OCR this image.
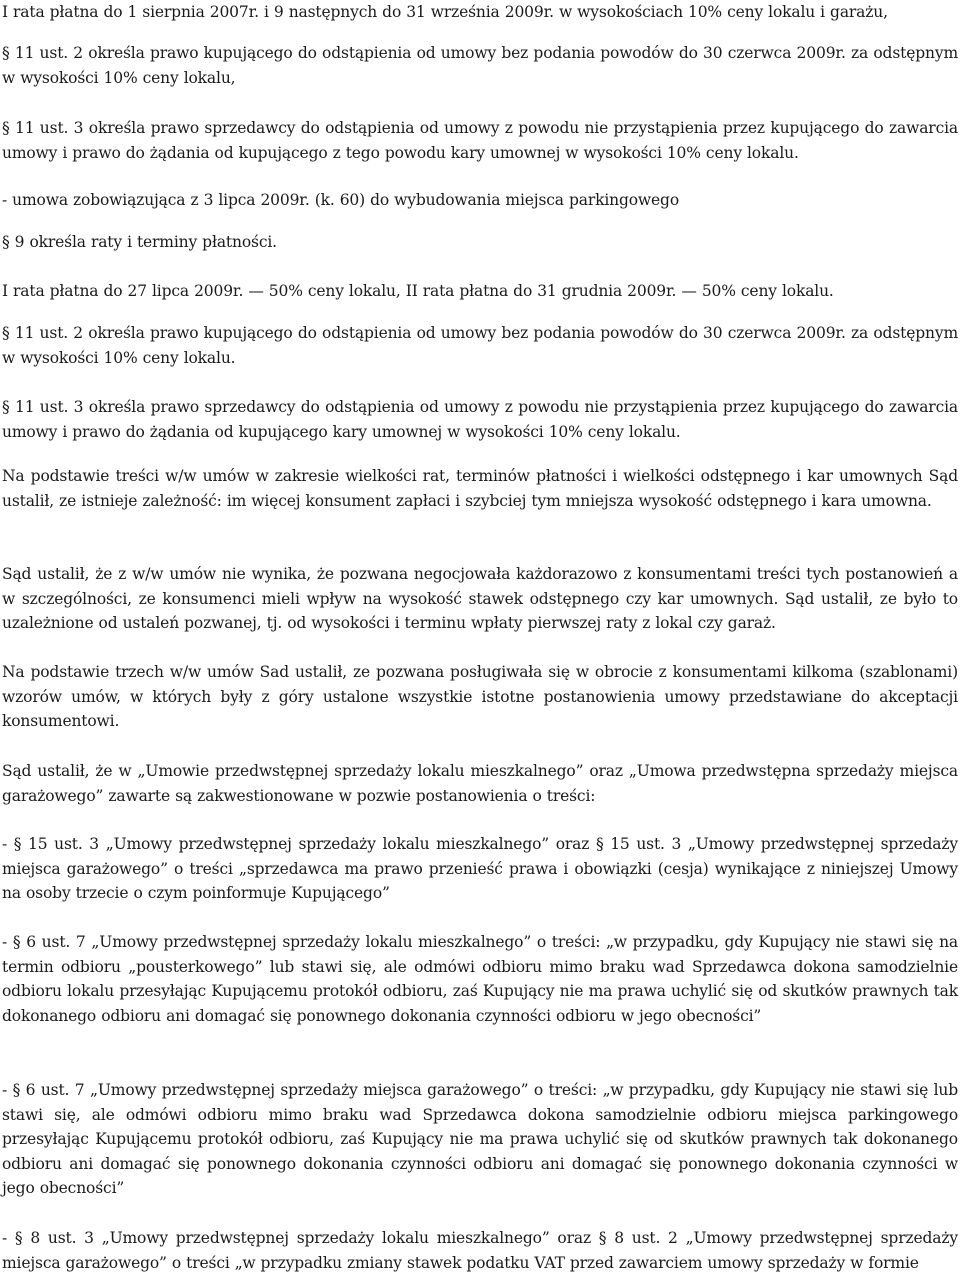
I rata płatna do 1 sierpnia 2007r. i 9 następnych do 31 września 2009r. w wysokościach 10% ceny lokalu i garażu,

§ 11 ust. 2 określa prawo kupującego do odstąpienia od umowy bez podania powodów do 30 czerwca 2009r. za odstępnym w wysokości 10% ceny lokalu,

§ 11 ust. 3 określa prawo sprzedawcy do odstąpienia od umowy z powodu nie przystąpienia przez kupującego do zawarcia umowy i prawo do żądania od kupującego z tego powodu kary umownej w wysokości 10% ceny lokalu.

- umowa zobowiązująca z 3 lipca 2009r. (k. 60) do wybudowania miejsca parkingowego

§ 9 określa raty i terminy płatności.

I rata płatna do 27 lipca 2009r. — 50% ceny lokalu, II rata płatna do 31 grudnia 2009r. — 50% ceny lokalu.

§ 11 ust. 2 określa prawo kupującego do odstąpienia od umowy bez podania powodów do 30 czerwca 2009r. za odstępnym w wysokości 10% ceny lokalu.

§ 11 ust. 3 określa prawo sprzedawcy do odstąpienia od umowy z powodu nie przystąpienia przez kupującego do zawarcia umowy i prawo do żądania od kupującego kary umownej w wysokości 10% ceny lokalu.

Na podstawie treści w/w umów w zakresie wielkości rat, terminów płatności i wielkości odstępnego i kar umownych Sąd ustalił, ze istnieje zależność: im więcej konsument zapłaci i szybciej tym mniejsza wysokość odstępnego i kara umowna.

Sąd ustalił, że z w/w umów nie wynika, że pozwana negocjowała każdorazowo z konsumentami treści tych postanowień a w szczególności, ze konsumenci mieli wpływ na wysokość stawek odstępnego czy kar umownych. Sąd ustalił, ze było to uzależnione od ustaleń pozwanej, tj. od wysokości i terminu wpłaty pierwszej raty z lokal czy garaż.

Na podstawie trzech w/w umów Sad ustalił, ze pozwana posługiwała się w obrocie z konsumentami kilkoma (szablonami) wzorów umów, w których były z góry ustalone wszystkie istotne postanowienia umowy przedstawiane do akceptacji konsumentowi.

Sąd ustalił, że w „Umowie przedwstępnej sprzedaży lokalu mieszkalnego” oraz „Umowa przedwstępna sprzedaży miejsca garażowego” zawarte są zakwestionowane w pozwie postanowienia o treści:

- § 15 ust. 3 „Umowy przedwstępnej sprzedaży lokalu mieszkalnego” oraz § 15 ust. 3 „Umowy przedwstępnej sprzedaży miejsca garażowego” o treści „sprzedawca ma prawo przenieść prawa i obowiązki (cesja) wynikające z niniejszej Umowy na osoby trzecie o czym poinformuje Kupującego”

- § 6 ust. 7 „Umowy przedwstępnej sprzedaży lokalu mieszkalnego” o treści: „w przypadku, gdy Kupujący nie stawi się na termin odbioru „pousterkowego” lub stawi się, ale odmówi odbioru mimo braku wad Sprzedawca dokona samodzielnie odbioru lokalu przesyłając Kupującemu protokół odbioru, zaś Kupujący nie ma prawa uchylić się od skutków prawnych tak dokonanego odbioru ani domagać się ponownego dokonania czynności odbioru w jego obecności”

- § 6 ust. 7 „Umowy przedwstępnej sprzedaży miejsca garażowego” o treści: „w przypadku, gdy Kupujący nie stawi się lub stawi się, ale odmówi odbioru mimo braku wad Sprzedawca dokona samodzielnie odbioru miejsca parkingowego przesyłając Kupującemu protokół odbioru, zaś Kupujący nie ma prawa uchylić się od skutków prawnych tak dokonanego odbioru ani domagać się ponownego dokonania czynności odbioru ani domagać się ponownego dokonania czynności w jego obecności”

- § 8 ust. 3 „Umowy przedwstępnej sprzedaży lokalu mieszkalnego” oraz § 8 ust. 2 „Umowy przedwstępnej sprzedaży miejsca garażowego” o treści „w przypadku zmiany stawek podatku VAT przed zawarciem umowy sprzedaży w formie
